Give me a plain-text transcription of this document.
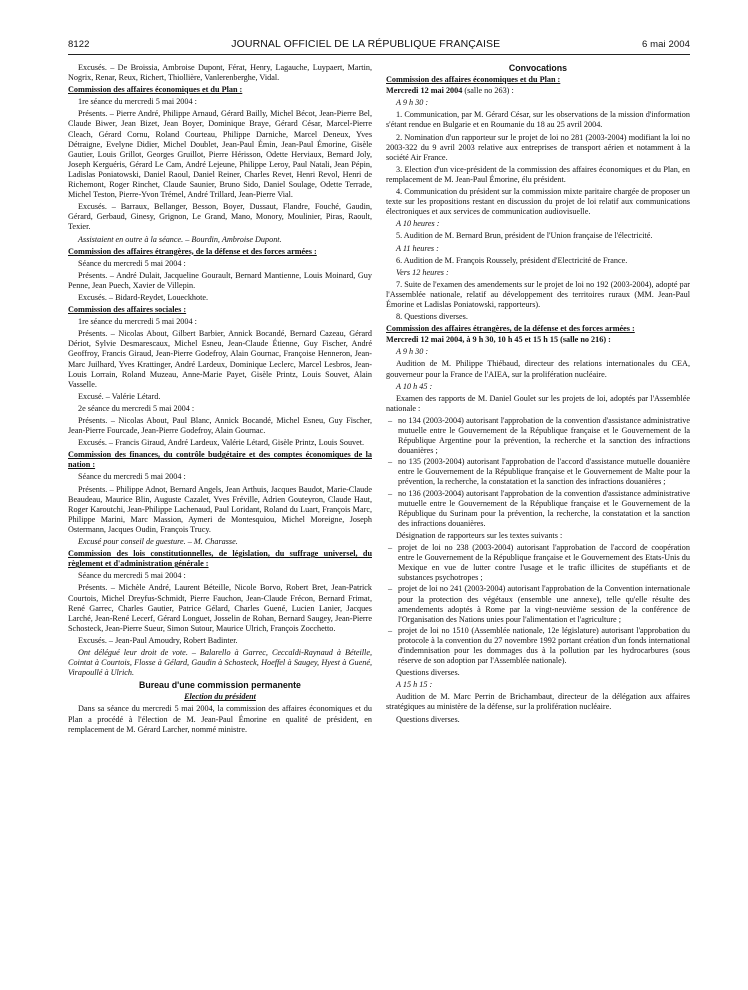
8122	JOURNAL OFFICIEL DE LA RÉPUBLIQUE FRANÇAISE	6 mai 2004

Excusés. – De Broissia, Ambroise Dupont, Férat, Henry, Lagauche, Luypaert, Martin, Nogrix, Renar, Reux, Richert, Thiollière, Vanlerenberghe, Vidal.

Commission des affaires économiques et du Plan :

1re séance du mercredi 5 mai 2004 :

Présents. – Pierre André, Philippe Arnaud, Gérard Bailly, Michel Bécot, Jean-Pierre Bel, Claude Biwer, Jean Bizet, Jean Boyer, Dominique Braye, Gérard César, Marcel-Pierre Cleach, Gérard Cornu, Roland Courteau, Philippe Darniche, Marcel Deneux, Yves Détraigne, Evelyne Didier, Michel Doublet, Jean-Paul Émin, Jean-Paul Émorine, Gisèle Gautier, Louis Grillot, Georges Gruillot, Pierre Hérisson, Odette Herviaux, Bernard Joly, Joseph Kerguéris, Gérard Le Cam, André Lejeune, Philippe Leroy, Paul Natali, Jean Pépin, Ladislas Poniatowski, Daniel Raoul, Daniel Reiner, Charles Revet, Henri Revol, Henri de Richemont, Roger Rinchet, Claude Saunier, Bruno Sido, Daniel Soulage, Odette Terrade, Michel Teston, Pierre-Yvon Trémel, André Trillard, Jean-Pierre Vial.

Excusés. – Barraux, Bellanger, Besson, Boyer, Dussaut, Flandre, Fouché, Gaudin, Gérard, Gerbaud, Ginesy, Grignon, Le Grand, Mano, Monory, Moulinier, Piras, Raoult, Texier.

Assistaient en outre à la séance. – Bourdin, Ambroise Dupont.

Commission des affaires étrangères, de la défense et des forces armées :

Séance du mercredi 5 mai 2004 :

Présents. – André Dulait, Jacqueline Gourault, Bernard Mantienne, Louis Moinard, Guy Penne, Jean Puech, Xavier de Villepin.

Excusés. – Bidard-Reydet, Loueckhote.

Commission des affaires sociales :

1re séance du mercredi 5 mai 2004 :

Présents. – Nicolas About, Gilbert Barbier, Annick Bocandé, Bernard Cazeau, Gérard Dériot, Sylvie Desmarescaux, Michel Esneu, Jean-Claude Étienne, Guy Fischer, André Geoffroy, Francis Giraud, Jean-Pierre Godefroy, Alain Gournac, Françoise Henneron, Jean-Marc Juilhard, Yves Krattinger, André Lardeux, Dominique Leclerc, Marcel Lesbros, Jean-Louis Lorrain, Roland Muzeau, Anne-Marie Payet, Gisèle Printz, Louis Souvet, Alain Vasselle.

Excusé. – Valérie Létard.

2e séance du mercredi 5 mai 2004 :

Présents. – Nicolas About, Paul Blanc, Annick Bocandé, Michel Esneu, Guy Fischer, Jean-Pierre Fourcade, Jean-Pierre Godefroy, Alain Gournac.

Excusés. – Francis Giraud, André Lardeux, Valérie Létard, Gisèle Printz, Louis Souvet.

Commission des finances, du contrôle budgétaire et des comptes économiques de la nation :

Séance du mercredi 5 mai 2004 :

Présents. – Philippe Adnot, Bernard Angels, Jean Arthuis, Jacques Baudot, Marie-Claude Beaudeau, Maurice Blin, Auguste Cazalet, Yves Fréville, Adrien Gouteyron, Claude Haut, Roger Karoutchi, Jean-Philippe Lachenaud, Paul Loridant, Roland du Luart, François Marc, Philippe Marini, Marc Massion, Aymeri de Montesquiou, Michel Moreigne, Joseph Ostermann, Jacques Oudin, François Trucy.

Excusé pour conseil de guesture. – M. Charasse.

Commission des lois constitutionnelles, de législation, du suffrage universel, du règlement et d'administration générale :

Séance du mercredi 5 mai 2004 :

Présents. – Michèle André, Laurent Béteille, Nicole Borvo, Robert Bret, Jean-Patrick Courtois, Michel Dreyfus-Schmidt, Pierre Fauchon, Jean-Claude Frécon, Bernard Frimat, René Garrec, Charles Gautier, Patrice Gélard, Charles Guené, Lucien Lanier, Jacques Larché, Jean-René Lecerf, Gérard Longuet, Josselin de Rohan, Bernard Saugey, Jean-Pierre Schosteck, Jean-Pierre Sueur, Simon Sutour, Maurice Ulrich, François Zocchetto.

Excusés. – Jean-Paul Amoudry, Robert Badinter.

Ont délégué leur droit de vote. – Balarello à Garrec, Ceccaldi-Raynaud à Béteille, Cointat à Courtois, Flosse à Gélard, Gaudin à Schosteck, Hoeffel à Saugey, Hyest à Guené, Virapoullé à Ulrich.

Bureau d'une commission permanente

Election du président

Dans sa séance du mercredi 5 mai 2004, la commission des affaires économiques et du Plan a procédé à l'élection de M. Jean-Paul Émorine en qualité de président, en remplacement de M. Gérard Larcher, nommé ministre.

Convocations

Commission des affaires économiques et du Plan :

Mercredi 12 mai 2004 (salle no 263) :

A 9 h 30 :

1. Communication, par M. Gérard César, sur les observations de la mission d'information s'étant rendue en Bulgarie et en Roumanie du 18 au 25 avril 2004.

2. Nomination d'un rapporteur sur le projet de loi no 281 (2003-2004) modifiant la loi no 2003-322 du 9 avril 2003 relative aux entreprises de transport aérien et notamment à la société Air France.

3. Election d'un vice-président de la commission des affaires économiques et du Plan, en remplacement de M. Jean-Paul Émorine, élu président.

4. Communication du président sur la commission mixte paritaire chargée de proposer un texte sur les propositions restant en discussion du projet de loi relatif aux communications électroniques et aux services de communication audiovisuelle.

A 10 heures :

5. Audition de M. Bernard Brun, président de l'Union française de l'électricité.

A 11 heures :

6. Audition de M. François Roussely, président d'Electricité de France.

Vers 12 heures :

7. Suite de l'examen des amendements sur le projet de loi no 192 (2003-2004), adopté par l'Assemblée nationale, relatif au développement des territoires ruraux (MM. Jean-Paul Émorine et Ladislas Poniatowski, rapporteurs).

8. Questions diverses.

Commission des affaires étrangères, de la défense et des forces armées :

Mercredi 12 mai 2004, à 9 h 30, 10 h 45 et 15 h 15 (salle no 216) :

A 9 h 30 :

Audition de M. Philippe Thiébaud, directeur des relations internationales du CEA, gouverneur pour la France de l'AIEA, sur la prolifération nucléaire.

A 10 h 45 :

Examen des rapports de M. Daniel Goulet sur les projets de loi, adoptés par l'Assemblée nationale :

– no 134 (2003-2004) autorisant l'approbation de la convention d'assistance administrative mutuelle entre le Gouvernement de la République française et le Gouvernement de la République Argentine pour la prévention, la recherche et la sanction des infractions douanières ;
– no 135 (2003-2004) autorisant l'approbation de l'accord d'assistance mutuelle douanière entre le Gouvernement de la République française et le Gouvernement de Malte pour la prévention, la recherche, la constatation et la sanction des infractions douanières ;
– no 136 (2003-2004) autorisant l'approbation de la convention d'assistance administrative mutuelle entre le Gouvernement de la République française et le Gouvernement de la République du Surinam pour la prévention, la recherche, la constatation et la sanction des infractions douanières.

Désignation de rapporteurs sur les textes suivants :

– projet de loi no 238 (2003-2004) autorisant l'approbation de l'accord de coopération entre le Gouvernement de la République française et le Gouvernement des Etats-Unis du Mexique en vue de lutter contre l'usage et le trafic illicites de stupéfiants et de substances psychotropes ;
– projet de loi no 241 (2003-2004) autorisant l'approbation de la Convention internationale pour la protection des végétaux (ensemble une annexe), telle qu'elle résulte des amendements adoptés à Rome par la vingt-neuvième session de la conférence de l'Organisation des Nations unies pour l'alimentation et l'agriculture ;
– projet de loi no 1510 (Assemblée nationale, 12e législature) autorisant l'approbation du protocole à la convention du 27 novembre 1992 portant création d'un fonds international d'indemnisation pour les dommages dus à la pollution par les hydrocarbures (sous réserve de son adoption par l'Assemblée nationale).

Questions diverses.

A 15 h 15 :

Audition de M. Marc Perrin de Brichambaut, directeur de la délégation aux affaires stratégiques au ministère de la défense, sur la prolifération nucléaire.

Questions diverses.
